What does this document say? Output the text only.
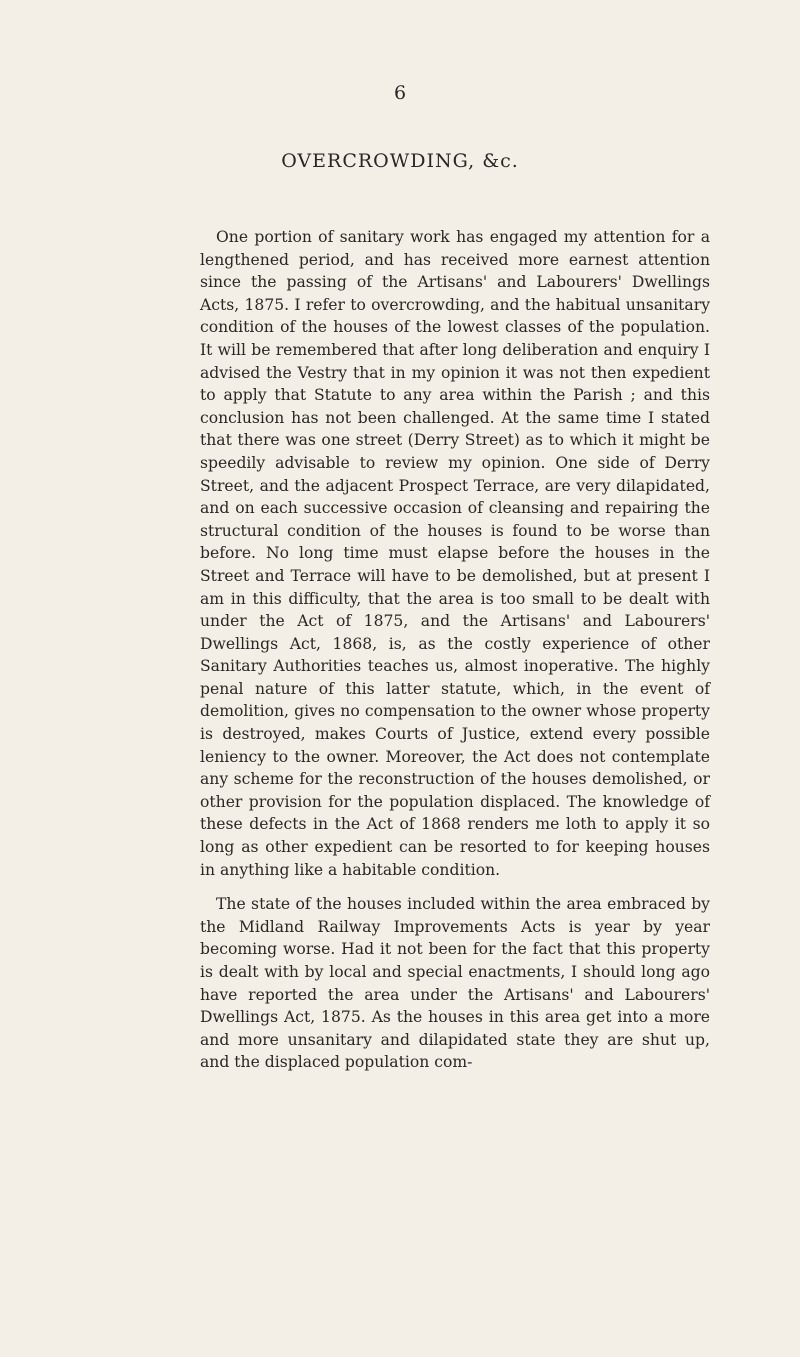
6
OVERCROWDING, &c.

One portion of sanitary work has engaged my attention for a lengthened period, and has received more earnest attention since the passing of the Artisans' and Labourers' Dwellings Acts, 1875. I refer to overcrowding, and the habitual unsanitary condition of the houses of the lowest classes of the population. It will be remembered that after long deliberation and enquiry I advised the Vestry that in my opinion it was not then expedient to apply that Statute to any area within the Parish ; and this conclusion has not been challenged. At the same time I stated that there was one street (Derry Street) as to which it might be speedily advisable to review my opinion. One side of Derry Street, and the adjacent Prospect Terrace, are very dilapidated, and on each successive occasion of cleansing and repairing the structural condition of the houses is found to be worse than before. No long time must elapse before the houses in the Street and Terrace will have to be demolished, but at present I am in this difficulty, that the area is too small to be dealt with under the Act of 1875, and the Artisans' and Labourers' Dwellings Act, 1868, is, as the costly experience of other Sanitary Authorities teaches us, almost inoperative. The highly penal nature of this latter statute, which, in the event of demolition, gives no compensation to the owner whose property is destroyed, makes Courts of Justice, extend every possible leniency to the owner. Moreover, the Act does not contemplate any scheme for the reconstruction of the houses demolished, or other provision for the population displaced. The knowledge of these defects in the Act of 1868 renders me loth to apply it so long as other expedient can be resorted to for keeping houses in anything like a habitable condition.

The state of the houses included within the area embraced by the Midland Railway Improvements Acts is year by year becoming worse. Had it not been for the fact that this property is dealt with by local and special enactments, I should long ago have reported the area under the Artisans' and Labourers' Dwellings Act, 1875. As the houses in this area get into a more and more unsanitary and dilapidated state they are shut up, and the displaced population com-
